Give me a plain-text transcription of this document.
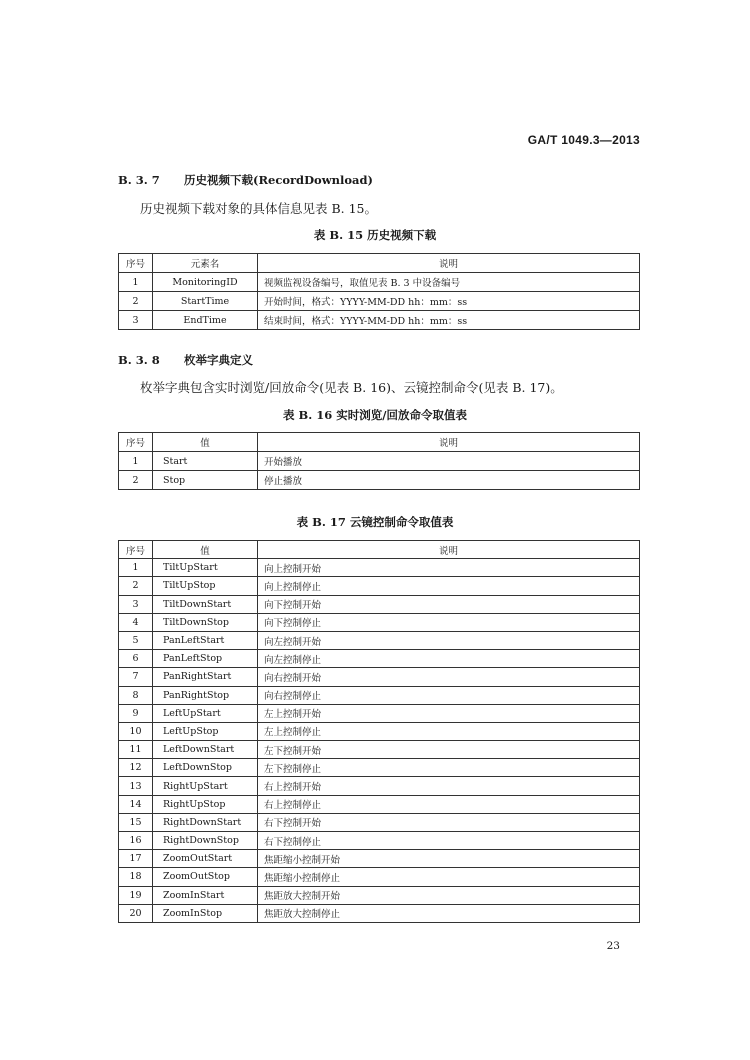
GA/T 1049.3—2013
B. 3. 7 历史视频下载(RecordDownload)
历史视频下载对象的具体信息见表 B. 15。
表 B. 15 历史视频下载
序号	元素名	说明
1	MonitoringID	视频监视设备编号，取值见表 B. 3 中设备编号
2	StartTime	开始时间，格式：YYYY-MM-DD hh：mm：ss
3	EndTime	结束时间，格式：YYYY-MM-DD hh：mm：ss
B. 3. 8 枚举字典定义
枚举字典包含实时浏览/回放命令(见表 B. 16)、云镜控制命令(见表 B. 17)。
表 B. 16 实时浏览/回放命令取值表
序号	值	说明
1	Start	开始播放
2	Stop	停止播放
表 B. 17 云镜控制命令取值表
序号	值	说明
1	TiltUpStart	向上控制开始
2	TiltUpStop	向上控制停止
3	TiltDownStart	向下控制开始
4	TiltDownStop	向下控制停止
5	PanLeftStart	向左控制开始
6	PanLeftStop	向左控制停止
7	PanRightStart	向右控制开始
8	PanRightStop	向右控制停止
9	LeftUpStart	左上控制开始
10	LeftUpStop	左上控制停止
11	LeftDownStart	左下控制开始
12	LeftDownStop	左下控制停止
13	RightUpStart	右上控制开始
14	RightUpStop	右上控制停止
15	RightDownStart	右下控制开始
16	RightDownStop	右下控制停止
17	ZoomOutStart	焦距缩小控制开始
18	ZoomOutStop	焦距缩小控制停止
19	ZoomInStart	焦距放大控制开始
20	ZoomInStop	焦距放大控制停止
23
